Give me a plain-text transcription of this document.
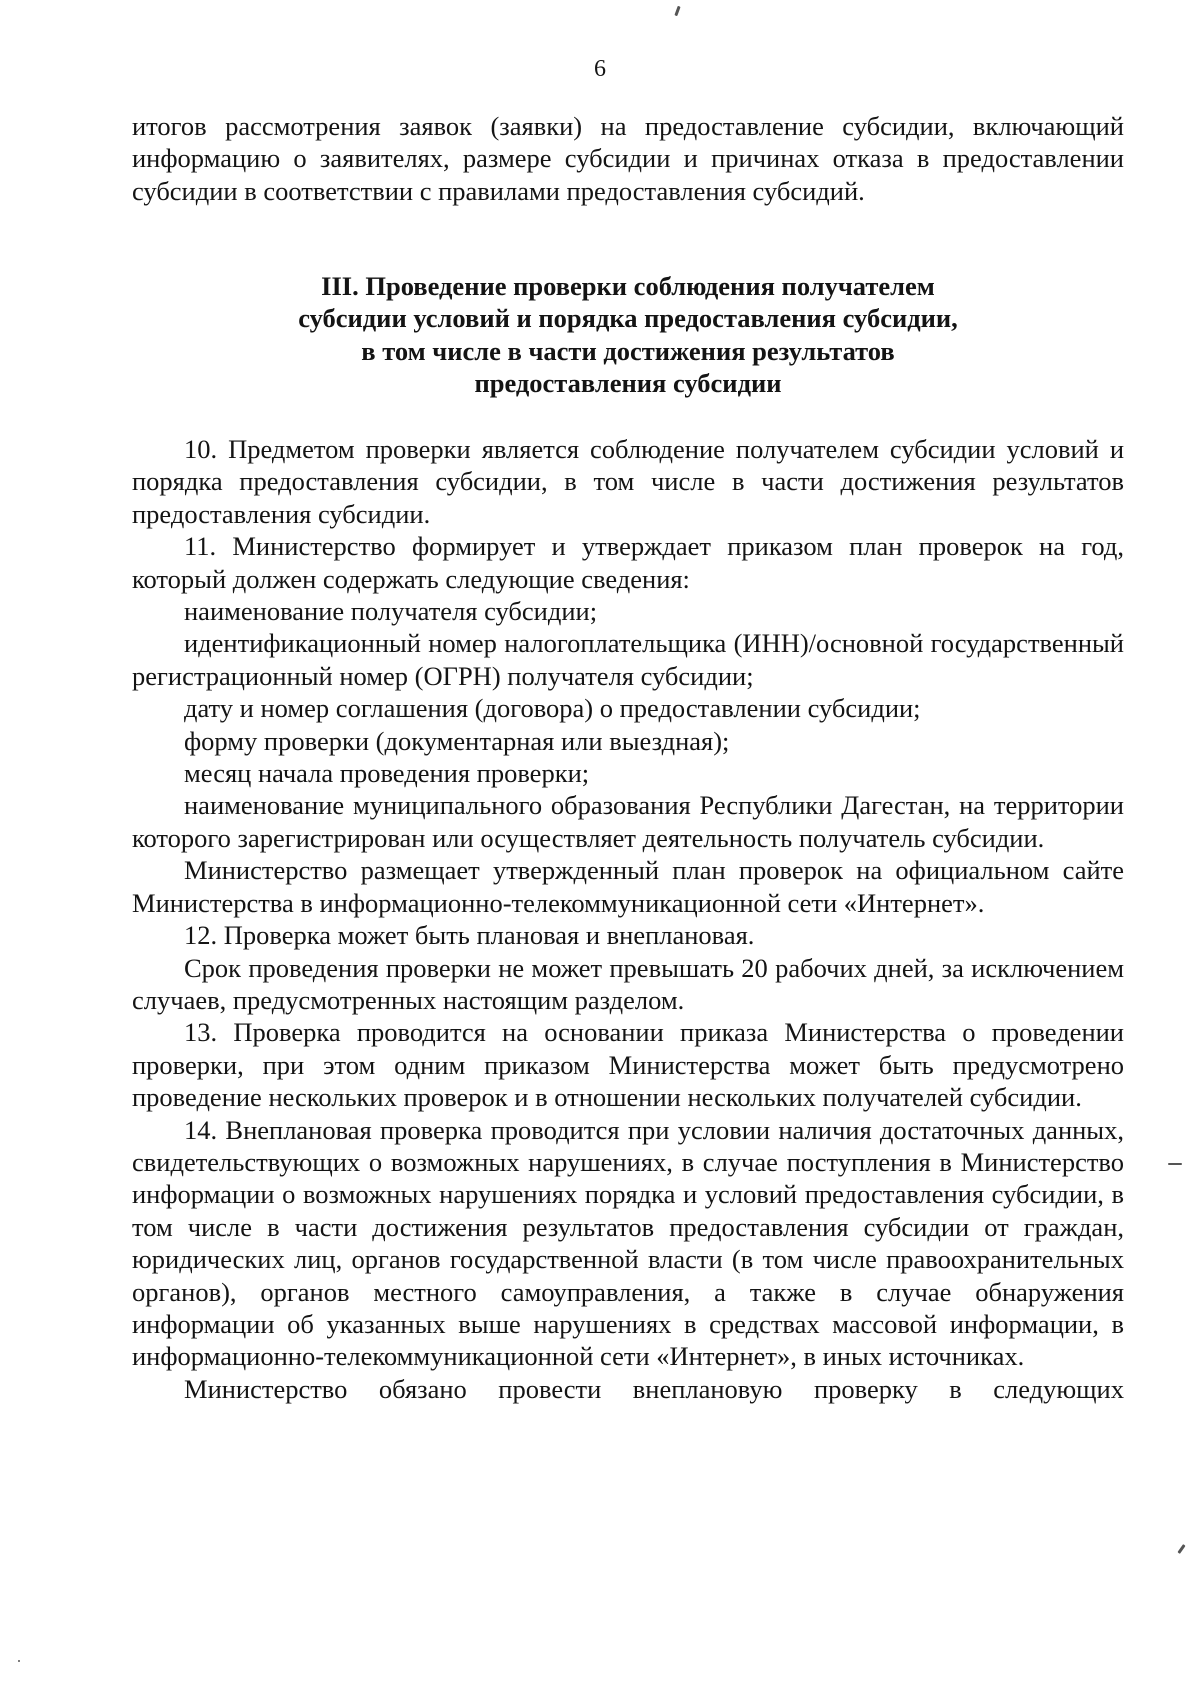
6

итогов рассмотрения заявок (заявки) на предоставление субсидии, включающий информацию о заявителях, размере субсидии и причинах отказа в предоставлении субсидии в соответствии с правилами предоставления субсидий.

III. Проведение проверки соблюдения получателем
субсидии условий и порядка предоставления субсидии,
в том числе в части достижения результатов
предоставления субсидии

10. Предметом проверки является соблюдение получателем субсидии условий и порядка предоставления субсидии, в том числе в части достижения результатов предоставления субсидии.

11. Министерство формирует и утверждает приказом план проверок на год, который должен содержать следующие сведения:

наименование получателя субсидии;

идентификационный номер налогоплательщика (ИНН)/основной государственный регистрационный номер (ОГРН) получателя субсидии;

дату и номер соглашения (договора) о предоставлении субсидии;

форму проверки (документарная или выездная);

месяц начала проведения проверки;

наименование муниципального образования Республики Дагестан, на территории которого зарегистрирован или осуществляет деятельность получатель субсидии.

Министерство размещает утвержденный план проверок на официальном сайте Министерства в информационно-телекоммуникационной сети «Интернет».

12. Проверка может быть плановая и внеплановая.

Срок проведения проверки не может превышать 20 рабочих дней, за исключением случаев, предусмотренных настоящим разделом.

13. Проверка проводится на основании приказа Министерства о проведении проверки, при этом одним приказом Министерства может быть предусмотрено проведение нескольких проверок и в отношении нескольких получателей субсидии.

14. Внеплановая проверка проводится при условии наличия достаточных данных, свидетельствующих о возможных нарушениях, в случае поступления в Министерство информации о возможных нарушениях порядка и условий предоставления субсидии, в том числе в части достижения результатов предоставления субсидии от граждан, юридических лиц, органов государственной власти (в том числе правоохранительных органов), органов местного самоуправления, а также в случае обнаружения информации об указанных выше нарушениях в средствах массовой информации, в информационно-телекоммуникационной сети «Интернет», в иных источниках.

Министерство обязано провести внеплановую проверку в следующих
